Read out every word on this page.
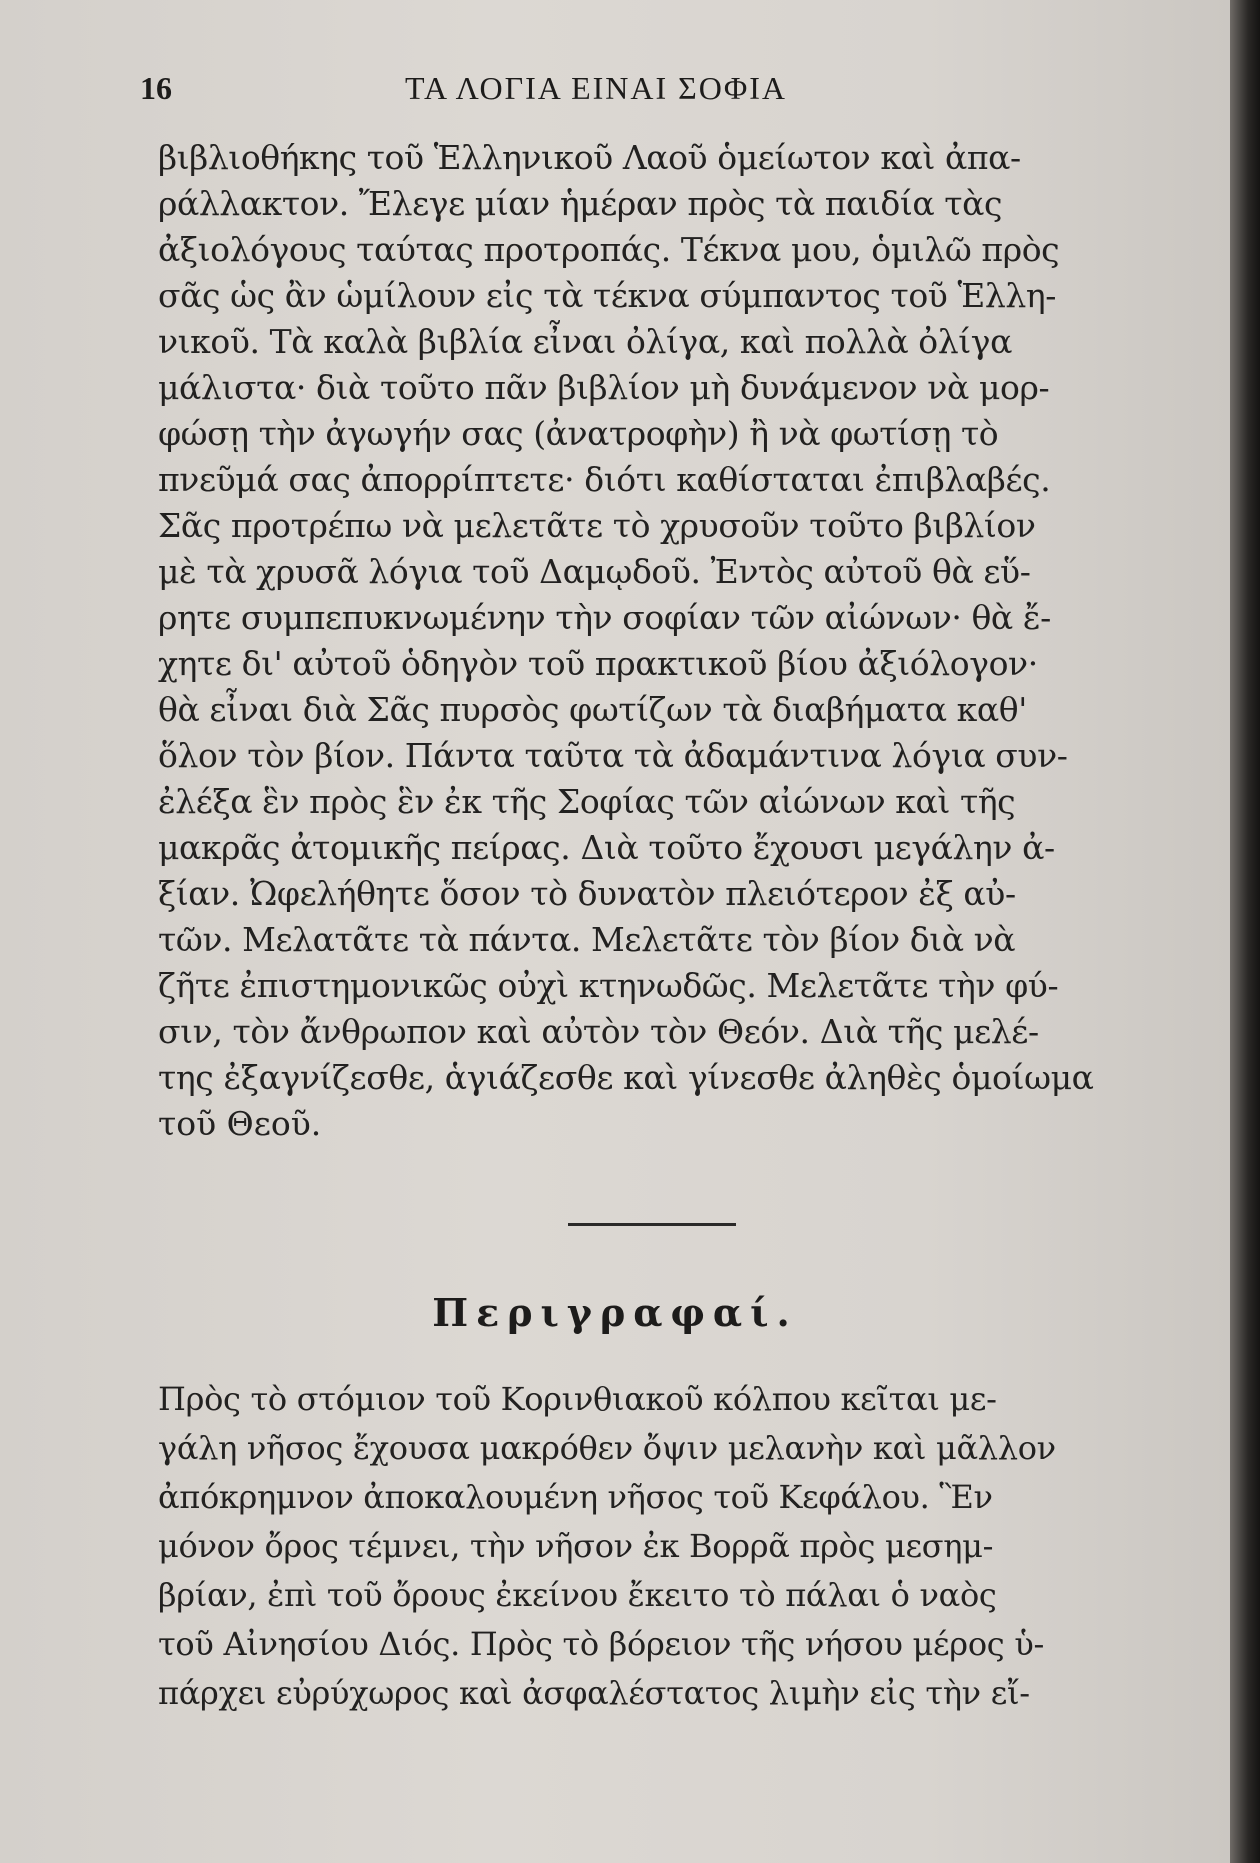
16	ΤΑ ΛΟΓΙΑ ΕΙΝΑΙ ΣΟΦΙΑ
βιβλιοθήκης τοῦ Ἑλληνικοῦ Λαοῦ ὁμείωτον καὶ ἀπα-
ράλλακτον. Ἔλεγε μίαν ἡμέραν πρὸς τὰ παιδία τὰς
ἀξιολόγους ταύτας προτροπάς. Τέκνα μου, ὁμιλῶ πρὸς
σᾶς ὡς ἂν ὡμίλουν εἰς τὰ τέκνα σύμπαντος τοῦ Ἑλλη-
νικοῦ. Τὰ καλὰ βιβλία εἶναι ὀλίγα, καὶ πολλὰ ὀλίγα
μάλιστα· διὰ τοῦτο πᾶν βιβλίον μὴ δυνάμενον νὰ μορ-
φώσῃ τὴν ἀγωγήν σας (ἀνατροφὴν) ἢ νὰ φωτίσῃ τὸ
πνεῦμά σας ἀπορρίπτετε· διότι καθίσταται ἐπιβλαβές.
Σᾶς προτρέπω νὰ μελετᾶτε τὸ χρυσοῦν τοῦτο βιβλίον
μὲ τὰ χρυσᾶ λόγια τοῦ Δαμῳδοῦ. Ἐντὸς αὐτοῦ θὰ εὕ-
ρητε συμπεπυκνωμένην τὴν σοφίαν τῶν αἰώνων· θὰ ἔ-
χητε δι' αὐτοῦ ὁδηγὸν τοῦ πρακτικοῦ βίου ἀξιόλογον·
θὰ εἶναι διὰ Σᾶς πυρσὸς φωτίζων τὰ διαβήματα καθ'
ὅλον τὸν βίον. Πάντα ταῦτα τὰ ἀδαμάντινα λόγια συν-
ἐλέξα ἓν πρὸς ἓν ἐκ τῆς Σοφίας τῶν αἰώνων καὶ τῆς
μακρᾶς ἀτομικῆς πείρας. Διὰ τοῦτο ἔχουσι μεγάλην ἀ-
ξίαν. Ὠφελήθητε ὅσον τὸ δυνατὸν πλειότερον ἐξ αὐ-
τῶν. Μελατᾶτε τὰ πάντα. Μελετᾶτε τὸν βίον διὰ νὰ
ζῆτε ἐπιστημονικῶς οὐχὶ κτηνωδῶς. Μελετᾶτε τὴν φύ-
σιν, τὸν ἄνθρωπον καὶ αὐτὸν τὸν Θεόν. Διὰ τῆς μελέ-
της ἐξαγνίζεσθε, ἁγιάζεσθε καὶ γίνεσθε ἀληθὲς ὁμοίωμα
τοῦ Θεοῦ.
Περιγραφαί.
Πρὸς τὸ στόμιον τοῦ Κορινθιακοῦ κόλπου κεῖται με-
γάλη νῆσος ἔχουσα μακρόθεν ὄψιν μελανὴν καὶ μᾶλλον
ἀπόκρημνον ἀποκαλουμένη νῆσος τοῦ Κεφάλου. Ἓν
μόνον ὄρος τέμνει, τὴν νῆσον ἐκ Βορρᾶ πρὸς μεσημ-
βρίαν, ἐπὶ τοῦ ὄρους ἐκείνου ἔκειτο τὸ πάλαι ὁ ναὸς
τοῦ Αἰνησίου Διός. Πρὸς τὸ βόρειον τῆς νήσου μέρος ὑ-
πάρχει εὐρύχωρος καὶ ἀσφαλέστατος λιμὴν εἰς τὴν εἴ-
